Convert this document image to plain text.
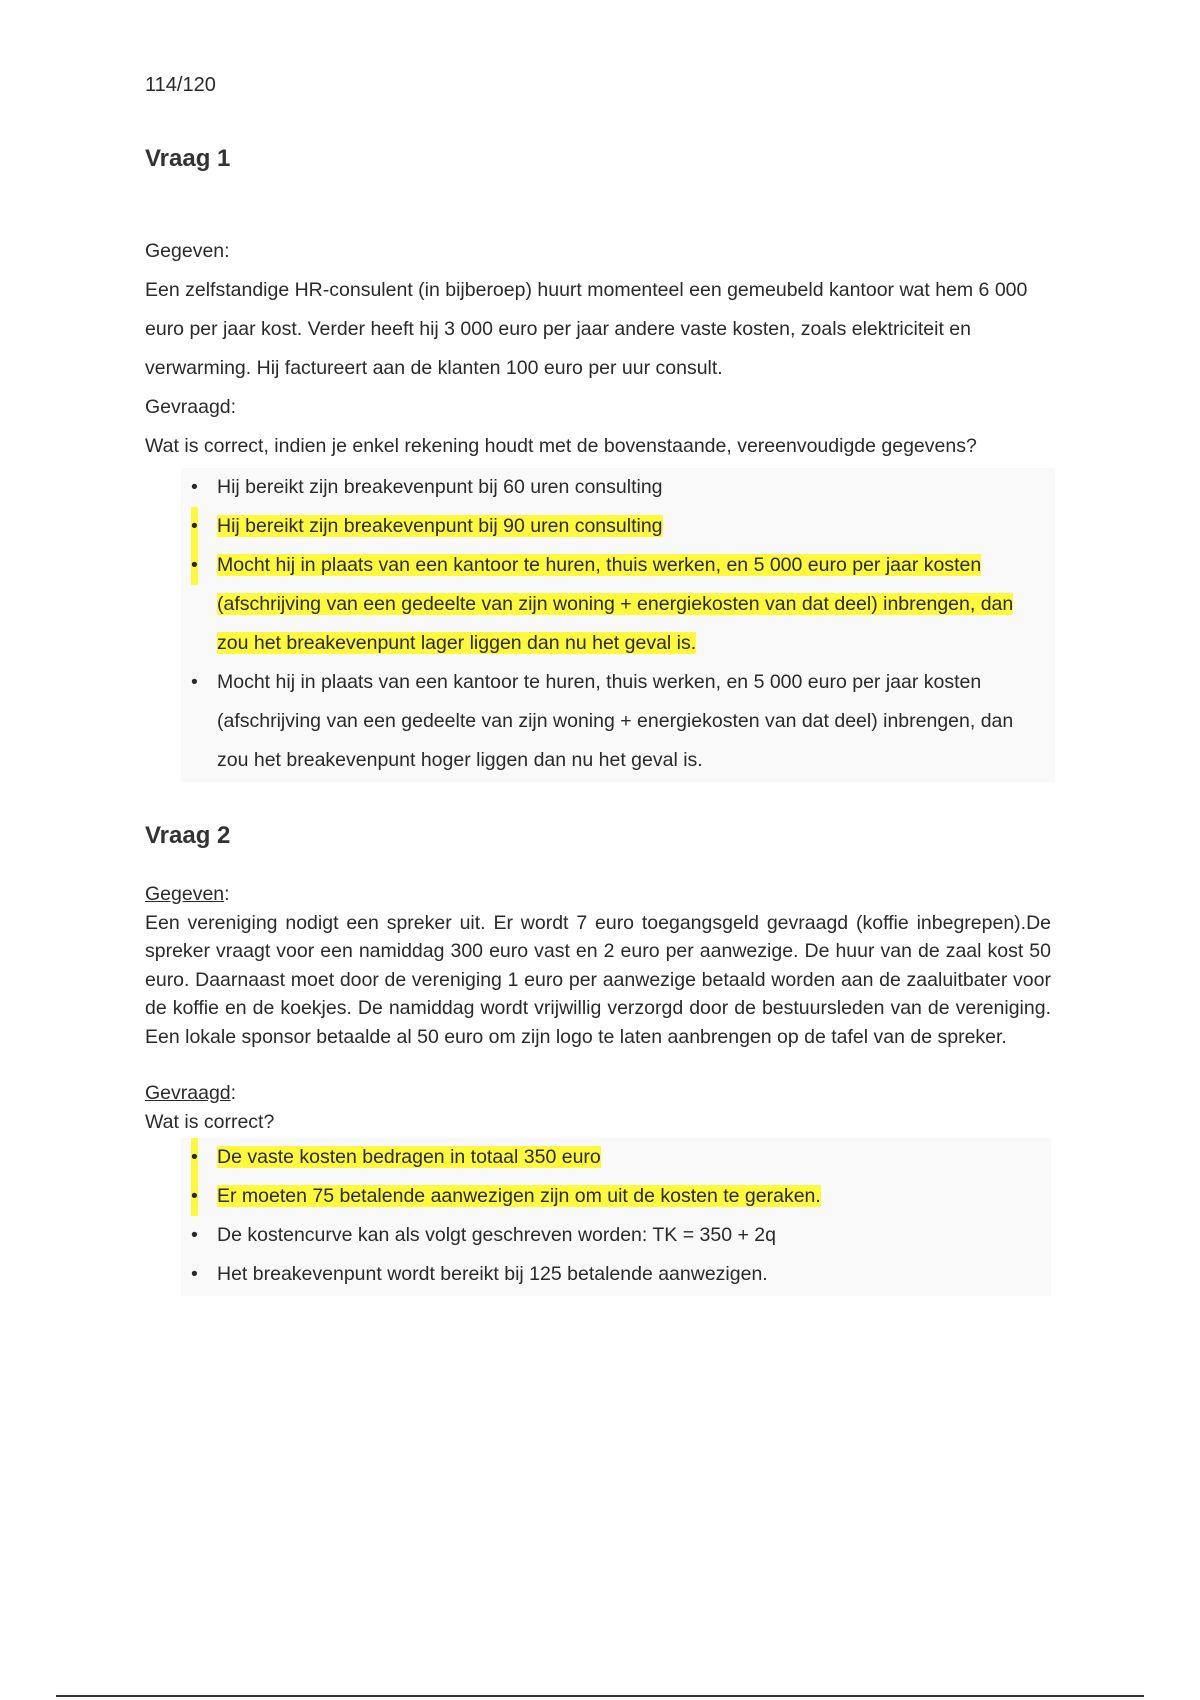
114/120
Vraag 1

Gegeven:

Een zelfstandige HR-consulent (in bijberoep) huurt momenteel een gemeubeld kantoor wat hem 6 000 euro per jaar kost. Verder heeft hij 3 000 euro per jaar andere vaste kosten, zoals elektriciteit en verwarming. Hij factureert aan de klanten 100 euro per uur consult.

Gevraagd:

Wat is correct, indien je enkel rekening houdt met de bovenstaande, vereenvoudigde gegevens?

• Hij bereikt zijn breakevenpunt bij 60 uren consulting
• Hij bereikt zijn breakevenpunt bij 90 uren consulting
• Mocht hij in plaats van een kantoor te huren, thuis werken, en 5 000 euro per jaar kosten (afschrijving van een gedeelte van zijn woning + energiekosten van dat deel) inbrengen, dan zou het breakevenpunt lager liggen dan nu het geval is.
• Mocht hij in plaats van een kantoor te huren, thuis werken, en 5 000 euro per jaar kosten (afschrijving van een gedeelte van zijn woning + energiekosten van dat deel) inbrengen, dan zou het breakevenpunt hoger liggen dan nu het geval is.
Vraag 2

Gegeven:

Een vereniging nodigt een spreker uit. Er wordt 7 euro toegangsgeld gevraagd (koffie inbegrepen).De spreker vraagt voor een namiddag 300 euro vast en 2 euro per aanwezige. De huur van de zaal kost 50 euro. Daarnaast moet door de vereniging 1 euro per aanwezige betaald worden aan de zaaluitbater voor de koffie en de koekjes. De namiddag wordt vrijwillig verzorgd door de bestuursleden van de vereniging. Een lokale sponsor betaalde al 50 euro om zijn logo te laten aanbrengen op de tafel van de spreker.

Gevraagd:

Wat is correct?

• De vaste kosten bedragen in totaal 350 euro
• Er moeten 75 betalende aanwezigen zijn om uit de kosten te geraken.
• De kostencurve kan als volgt geschreven worden: TK = 350 + 2q
• Het breakevenpunt wordt bereikt bij 125 betalende aanwezigen.
